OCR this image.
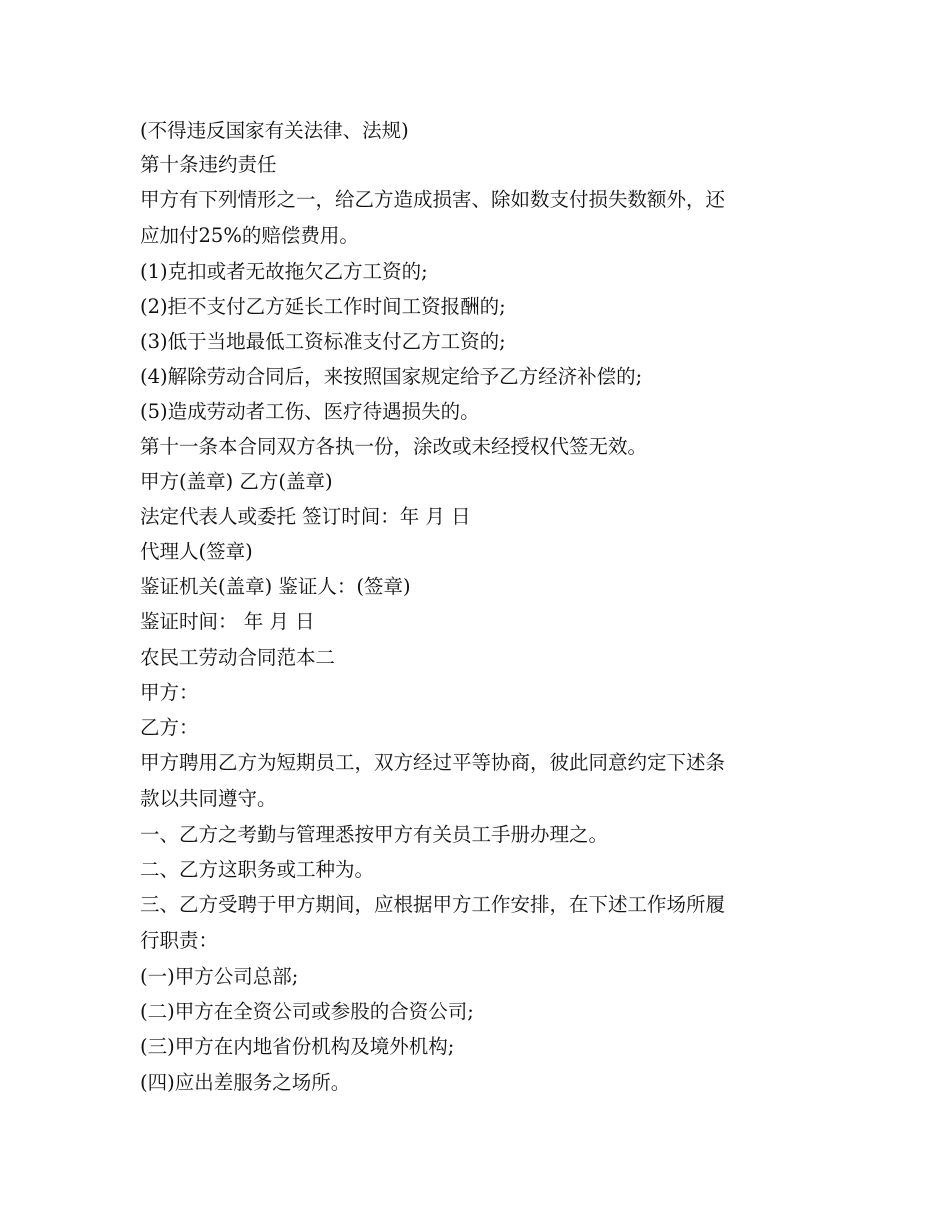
(不得违反国家有关法律、法规)
第十条违约责任
甲方有下列情形之一，给乙方造成损害、除如数支付损失数额外，还
应加付25%的赔偿费用。
(1)克扣或者无故拖欠乙方工资的;
(2)拒不支付乙方延长工作时间工资报酬的;
(3)低于当地最低工资标准支付乙方工资的;
(4)解除劳动合同后，来按照国家规定给予乙方经济补偿的;
(5)造成劳动者工伤、医疗待遇损失的。
第十一条本合同双方各执一份，涂改或未经授权代签无效。
甲方(盖章) 乙方(盖章)
法定代表人或委托 签订时间：年 月 日
代理人(签章)
鉴证机关(盖章) 鉴证人：(签章)
鉴证时间： 年 月 日
农民工劳动合同范本二
甲方：
乙方：
甲方聘用乙方为短期员工，双方经过平等协商，彼此同意约定下述条
款以共同遵守。
一、乙方之考勤与管理悉按甲方有关员工手册办理之。
二、乙方这职务或工种为。
三、乙方受聘于甲方期间，应根据甲方工作安排，在下述工作场所履
行职责：
(一)甲方公司总部;
(二)甲方在全资公司或参股的合资公司;
(三)甲方在内地省份机构及境外机构;
(四)应出差服务之场所。
